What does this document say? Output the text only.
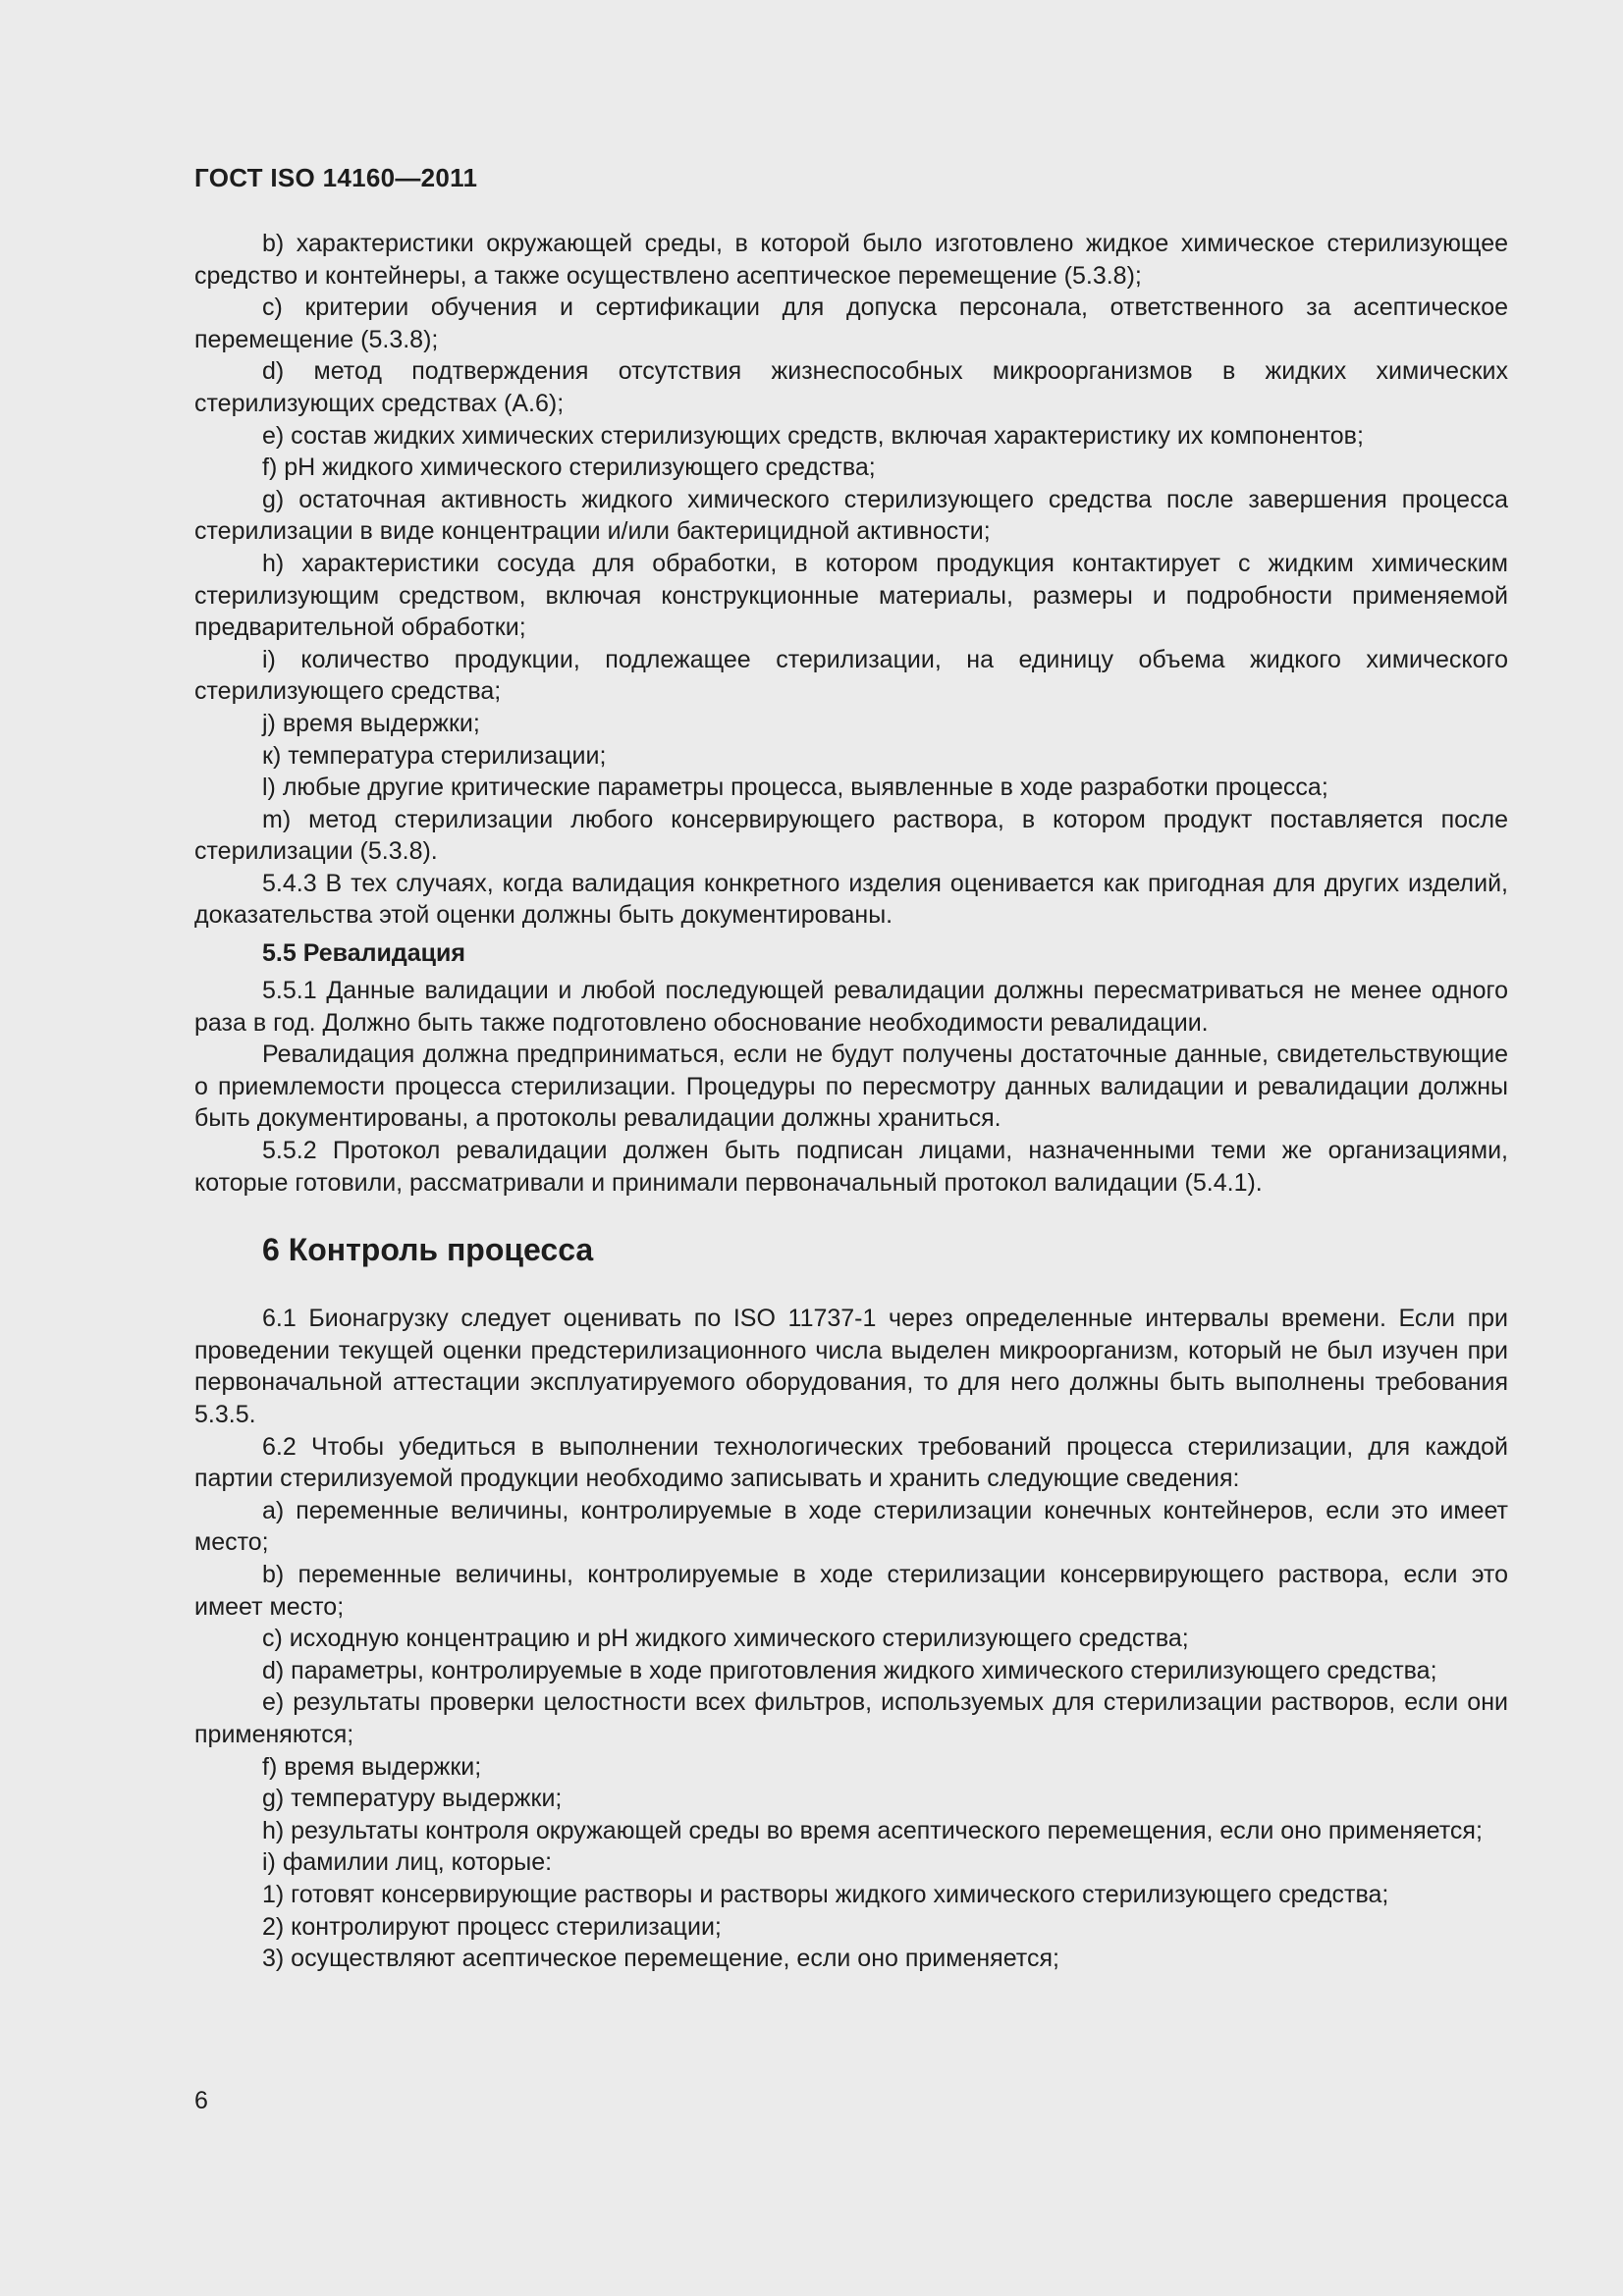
ГОСТ ISO 14160—2011

b) характеристики окружающей среды, в которой было изготовлено жидкое химическое стерилизующее средство и контейнеры, а также осуществлено асептическое перемещение (5.3.8);

c) критерии обучения и сертификации для допуска персонала, ответственного за асептическое перемещение (5.3.8);

d) метод подтверждения отсутствия жизнеспособных микроорганизмов в жидких химических стерилизующих средствах (А.6);

e) состав жидких химических стерилизующих средств, включая характеристику их компонентов;

f) pH жидкого химического стерилизующего средства;

g) остаточная активность жидкого химического стерилизующего средства после завершения процесса стерилизации в виде концентрации и/или бактерицидной активности;

h) характеристики сосуда для обработки, в котором продукция контактирует с жидким химическим стерилизующим средством, включая конструкционные материалы, размеры и подробности применяемой предварительной обработки;

i) количество продукции, подлежащее стерилизации, на единицу объема жидкого химического стерилизующего средства;

j) время выдержки;

к) температура стерилизации;

l) любые другие критические параметры процесса, выявленные в ходе разработки процесса;

m) метод стерилизации любого консервирующего раствора, в котором продукт поставляется после стерилизации (5.3.8).

5.4.3 В тех случаях, когда валидация конкретного изделия оценивается как пригодная для других изделий, доказательства этой оценки должны быть документированы.

5.5 Ревалидация

5.5.1 Данные валидации и любой последующей ревалидации должны пересматриваться не менее одного раза в год. Должно быть также подготовлено обоснование необходимости ревалидации.

Ревалидация должна предприниматься, если не будут получены достаточные данные, свидетельствующие о приемлемости процесса стерилизации. Процедуры по пересмотру данных валидации и ревалидации должны быть документированы, а протоколы ревалидации должны храниться.

5.5.2 Протокол ревалидации должен быть подписан лицами, назначенными теми же организациями, которые готовили, рассматривали и принимали первоначальный протокол валидации (5.4.1).

6 Контроль процесса

6.1 Бионагрузку следует оценивать по ISO 11737-1 через определенные интервалы времени. Если при проведении текущей оценки предстерилизационного числа выделен микроорганизм, который не был изучен при первоначальной аттестации эксплуатируемого оборудования, то для него должны быть выполнены требования 5.3.5.

6.2 Чтобы убедиться в выполнении технологических требований процесса стерилизации, для каждой партии стерилизуемой продукции необходимо записывать и хранить следующие сведения:

a) переменные величины, контролируемые в ходе стерилизации конечных контейнеров, если это имеет место;

b) переменные величины, контролируемые в ходе стерилизации консервирующего раствора, если это имеет место;

c) исходную концентрацию и pH жидкого химического стерилизующего средства;

d) параметры, контролируемые в ходе приготовления жидкого химического стерилизующего средства;

e) результаты проверки целостности всех фильтров, используемых для стерилизации растворов, если они применяются;

f) время выдержки;

g) температуру выдержки;

h) результаты контроля окружающей среды во время асептического перемещения, если оно применяется;

i) фамилии лиц, которые:

1) готовят консервирующие растворы и растворы жидкого химического стерилизующего средства;

2) контролируют процесс стерилизации;

3) осуществляют асептическое перемещение, если оно применяется;

6
